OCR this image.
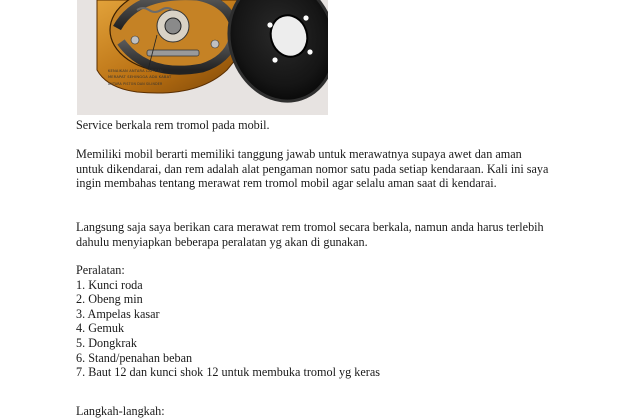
KENAIKAN ANTARA LAPISAN
MERAPAT SEHINGGA ADA KABAT
ANTARA PISTON DAN SILINDER
Service berkala rem tromol pada mobil.
Memiliki mobil berarti memiliki tanggung jawab untuk merawatnya supaya awet dan aman
untuk dikendarai, dan rem adalah alat pengaman nomor satu pada setiap kendaraan. Kali ini saya
ingin membahas tentang merawat rem tromol mobil agar selalu aman saat di kendarai.
Langsung saja saya berikan cara merawat rem tromol secara berkala, namun anda harus terlebih
dahulu menyiapkan beberapa peralatan yg akan di gunakan.
Peralatan:
1. Kunci roda
2. Obeng min
3. Ampelas kasar
4. Gemuk
5. Dongkrak
6. Stand/penahan beban
7. Baut 12 dan kunci shok 12 untuk membuka tromol yg keras
Langkah-langkah:
